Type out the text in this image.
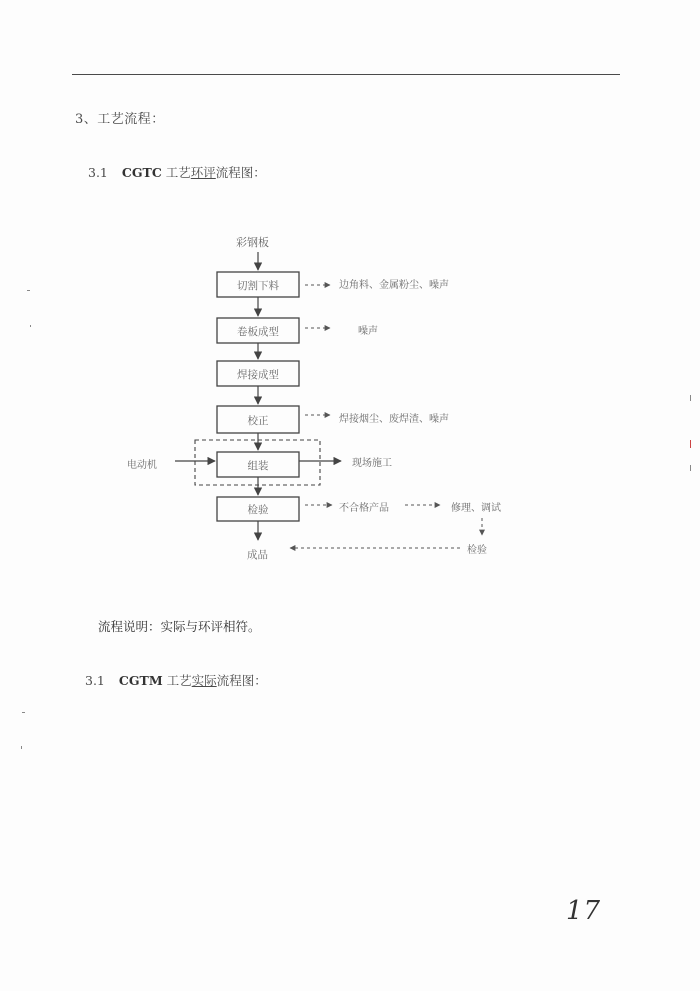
3、工艺流程：
3.1 CGTC 工艺环评流程图：
彩钢板
切割下料	边角料、金属粉尘、噪声
卷板成型	噪声
焊接成型
校正	焊接烟尘、废焊渣、噪声
组装
电动机	现场施工
检验	不合格产品	修理、调试
检验
成品
流程说明：实际与环评相符。
3.1 CGTM 工艺实际流程图：
17
